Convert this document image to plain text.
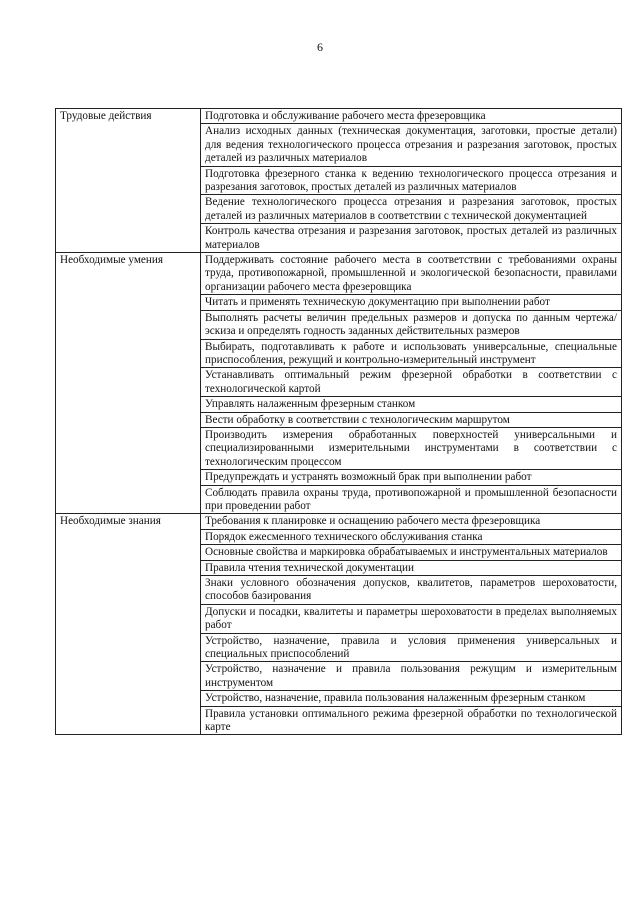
6
Трудовые действия	Подготовка и обслуживание рабочего места фрезеровщика
	Анализ исходных данных (техническая документация, заготовки, простые детали) для ведения технологического процесса отрезания и разрезания заготовок, простых деталей из различных материалов
	Подготовка фрезерного станка к ведению технологического процесса отрезания и разрезания заготовок, простых деталей из различных материалов
	Ведение технологического процесса отрезания и разрезания заготовок, простых деталей из различных материалов в соответствии с технической документацией
	Контроль качества отрезания и разрезания заготовок, простых деталей из различных материалов
Необходимые умения	Поддерживать состояние рабочего места в соответствии с требованиями охраны труда, противопожарной, промышленной и экологической безопасности, правилами организации рабочего места фрезеровщика
	Читать и применять техническую документацию при выполнении работ
	Выполнять расчеты величин предельных размеров и допуска по данным чертежа/эскиза и определять годность заданных действительных размеров
	Выбирать, подготавливать к работе и использовать универсальные, специальные приспособления, режущий и контрольно-измерительный инструмент
	Устанавливать оптимальный режим фрезерной обработки в соответствии с технологической картой
	Управлять налаженным фрезерным станком
	Вести обработку в соответствии с технологическим маршрутом
	Производить измерения обработанных поверхностей универсальными и специализированными измерительными инструментами в соответствии с технологическим процессом
	Предупреждать и устранять возможный брак при выполнении работ
	Соблюдать правила охраны труда, противопожарной и промышленной безопасности при проведении работ
Необходимые знания	Требования к планировке и оснащению рабочего места фрезеровщика
	Порядок ежесменного технического обслуживания станка
	Основные свойства и маркировка обрабатываемых и инструментальных материалов
	Правила чтения технической документации
	Знаки условного обозначения допусков, квалитетов, параметров шероховатости, способов базирования
	Допуски и посадки, квалитеты и параметры шероховатости в пределах выполняемых работ
	Устройство, назначение, правила и условия применения универсальных и специальных приспособлений
	Устройство, назначение и правила пользования режущим и измерительным инструментом
	Устройство, назначение, правила пользования налаженным фрезерным станком
	Правила установки оптимального режима фрезерной обработки по технологической карте
